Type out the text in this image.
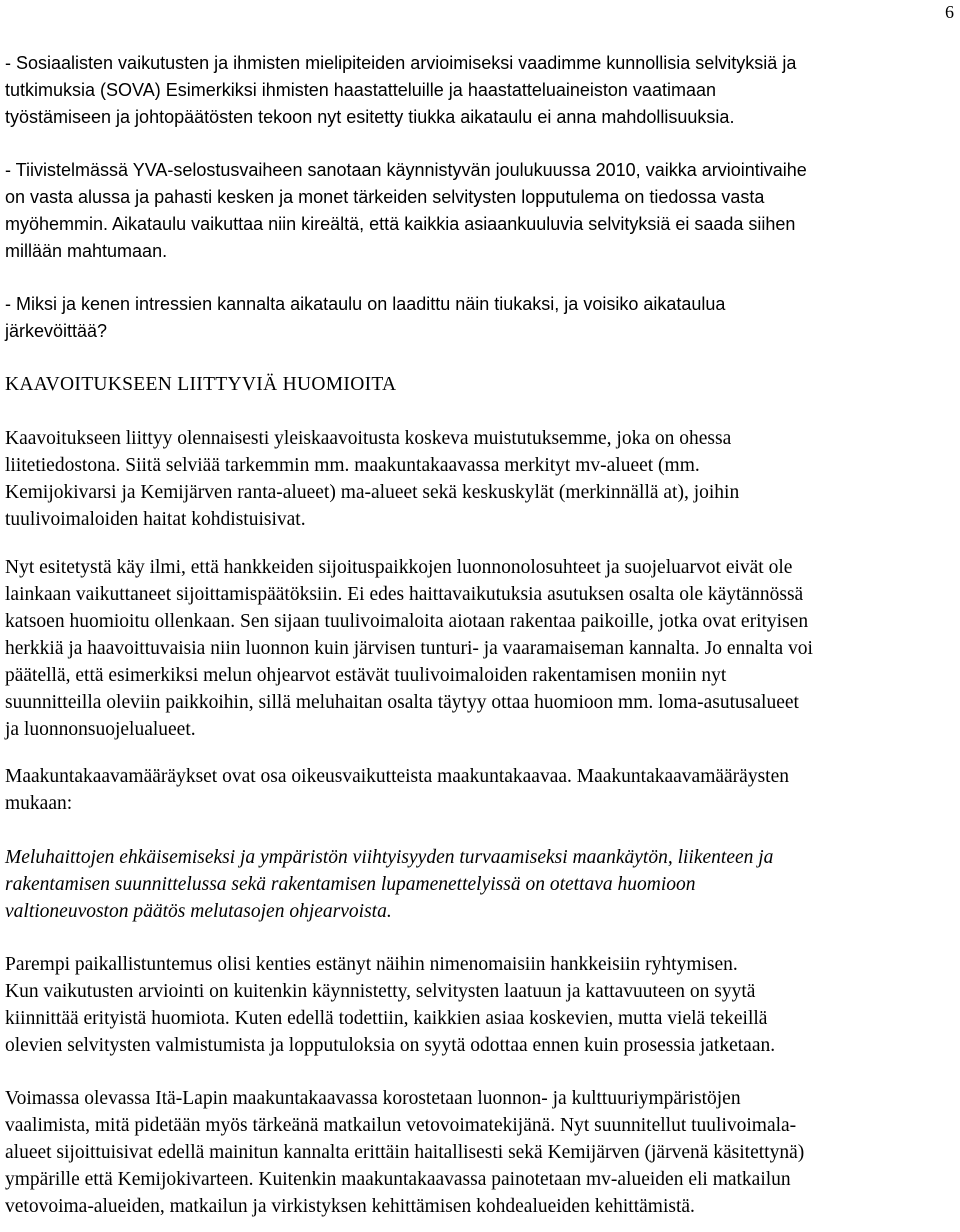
6
- Sosiaalisten vaikutusten ja ihmisten mielipiteiden arvioimiseksi vaadimme kunnollisia selvityksiä ja
tutkimuksia (SOVA) Esimerkiksi ihmisten haastatteluille ja haastatteluaineiston vaatimaan
työstämiseen ja johtopäätösten tekoon nyt esitetty tiukka aikataulu ei anna mahdollisuuksia.
- Tiivistelmässä YVA-selostusvaiheen sanotaan käynnistyvän joulukuussa 2010, vaikka arviointivaihe
on vasta alussa ja pahasti kesken ja monet tärkeiden selvitysten lopputulema on tiedossa vasta
myöhemmin. Aikataulu vaikuttaa niin kireältä, että kaikkia asiaankuuluvia selvityksiä ei saada siihen
millään mahtumaan.
- Miksi ja kenen intressien kannalta aikataulu on laadittu näin tiukaksi, ja voisiko aikataulua
järkevöittää?
KAAVOITUKSEEN LIITTYVIÄ HUOMIOITA
Kaavoitukseen liittyy olennaisesti yleiskaavoitusta koskeva muistutuksemme, joka on ohessa
liitetiedostona. Siitä selviää tarkemmin mm. maakuntakaavassa merkityt mv-alueet (mm.
Kemijokivarsi ja Kemijärven ranta-alueet) ma-alueet sekä keskuskylät (merkinnällä at), joihin
tuulivoimaloiden haitat kohdistuisivat.
Nyt esitetystä käy ilmi, että hankkeiden sijoituspaikkojen luonnonolosuhteet ja suojeluarvot eivät ole
lainkaan vaikuttaneet sijoittamispäätöksiin. Ei edes haittavaikutuksia asutuksen osalta ole käytännössä
katsoen huomioitu ollenkaan. Sen sijaan tuulivoimaloita aiotaan rakentaa paikoille, jotka ovat erityisen
herkkiä ja haavoittuvaisia niin luonnon kuin järvisen tunturi- ja vaaramaiseman kannalta. Jo ennalta voi
päätellä, että esimerkiksi melun ohjearvot estävät tuulivoimaloiden rakentamisen moniin nyt
suunnitteilla oleviin paikkoihin, sillä meluhaitan osalta täytyy ottaa huomioon mm. loma-asutusalueet
ja luonnonsuojelualueet.
Maakuntakaavamääräykset ovat osa oikeusvaikutteista maakuntakaavaa. Maakuntakaavamääräysten
mukaan:
Meluhaittojen ehkäisemiseksi ja ympäristön viihtyisyyden turvaamiseksi maankäytön, liikenteen ja
rakentamisen suunnittelussa sekä rakentamisen lupamenettelyissä on otettava huomioon
valtioneuvoston päätös melutasojen ohjearvoista.
Parempi paikallistuntemus olisi kenties estänyt näihin nimenomaisiin hankkeisiin ryhtymisen.
Kun vaikutusten arviointi on kuitenkin käynnistetty, selvitysten laatuun ja kattavuuteen on syytä
kiinnittää erityistä huomiota. Kuten edellä todettiin, kaikkien asiaa koskevien, mutta vielä tekeillä
olevien selvitysten valmistumista ja lopputuloksia on syytä odottaa ennen kuin prosessia jatketaan.
Voimassa olevassa Itä-Lapin maakuntakaavassa korostetaan luonnon- ja kulttuuriympäristöjen
vaalimista, mitä pidetään myös tärkeänä matkailun vetovoimatekijänä. Nyt suunnitellut tuulivoimala-
alueet sijoittuisivat edellä mainitun kannalta erittäin haitallisesti sekä Kemijärven (järvenä käsitettynä)
ympärille että Kemijokivarteen. Kuitenkin maakuntakaavassa painotetaan mv-alueiden eli matkailun
vetovoima-alueiden, matkailun ja virkistyksen kehittämisen kohdealueiden kehittämistä.
